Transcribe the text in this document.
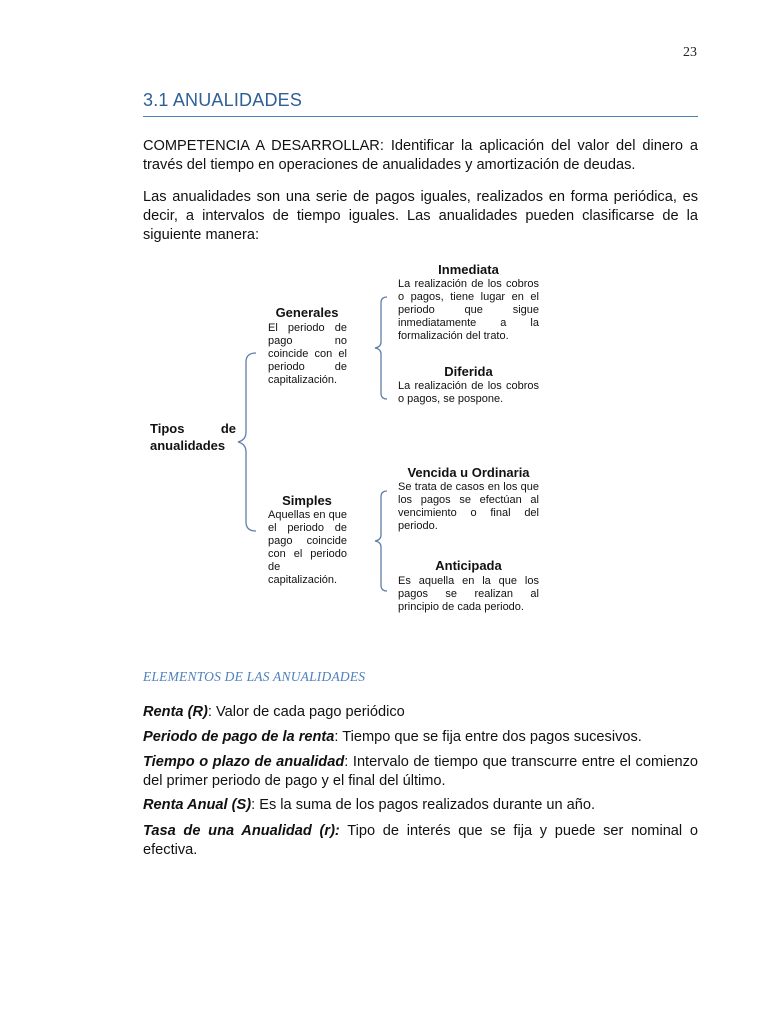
23
3.1 ANUALIDADES
COMPETENCIA A DESARROLLAR: Identificar la aplicación del valor del dinero a través del tiempo en operaciones de anualidades y amortización de deudas.
Las anualidades son una serie de pagos iguales, realizados en forma periódica, es decir, a intervalos de tiempo iguales. Las anualidades pueden clasificarse de la siguiente manera:
Tipos de anualidades
Generales
El periodo de pago no coincide con el periodo de capitalización.
Simples
Aquellas en que el periodo de pago coincide con el periodo de capitalización.
Inmediata
La realización de los cobros o pagos, tiene lugar en el periodo que sigue inmediatamente a la formalización del trato.
Diferida
La realización de los cobros o pagos, se pospone.
Vencida u Ordinaria
Se trata de casos en los que los pagos se efectúan al vencimiento o final del periodo.
Anticipada
Es aquella en la que los pagos se realizan al principio de cada periodo.
ELEMENTOS DE LAS ANUALIDADES
Renta (R): Valor de cada pago periódico
Periodo de pago de la renta: Tiempo que se fija entre dos pagos sucesivos.
Tiempo o plazo de anualidad: Intervalo de tiempo que transcurre entre el comienzo del primer periodo de pago y el final del último.
Renta Anual (S): Es la suma de los pagos realizados durante un año.
Tasa de una Anualidad (r): Tipo de interés que se fija y puede ser nominal o efectiva.
